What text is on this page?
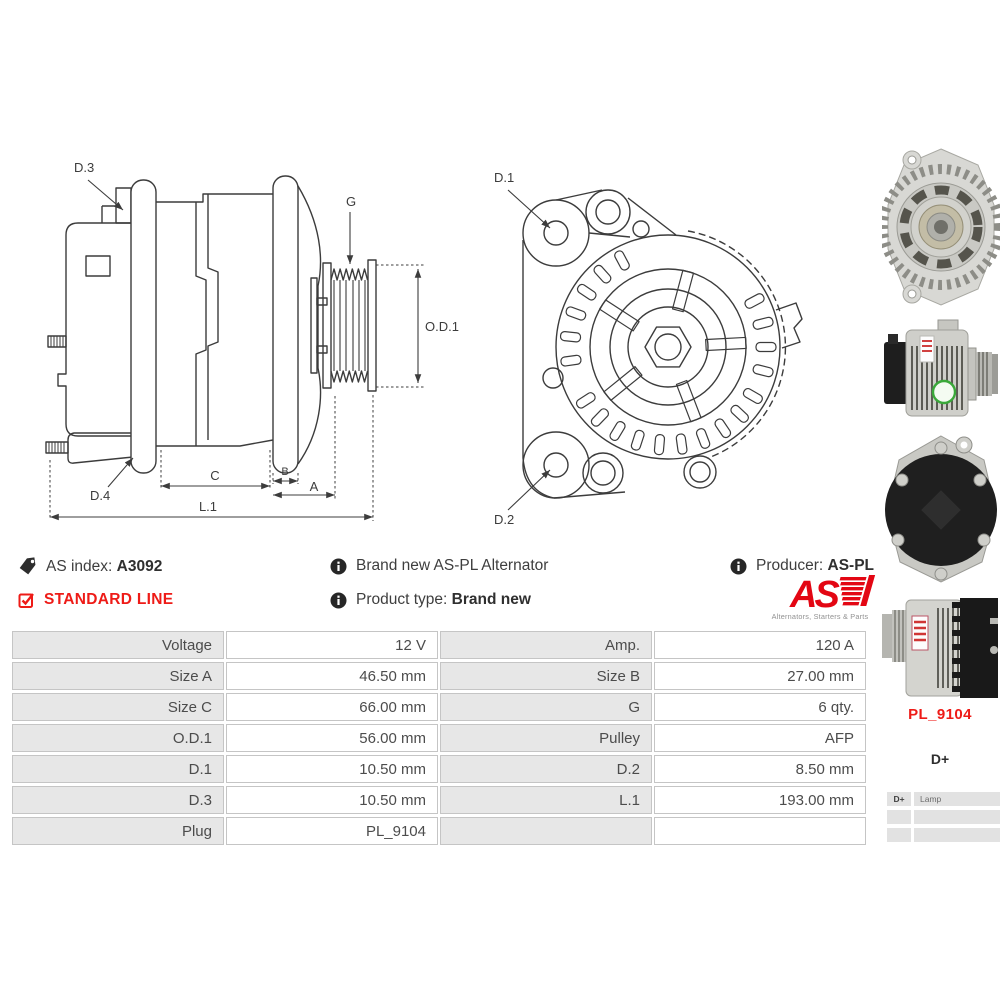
D.3
G
O.D.1
D.4
C	B
A
L.1
D.1
D.2
AS index: A3092	Brand new AS-PL Alternator	Producer: AS-PL
STANDARD LINE	Product type: Brand new	AS
Alternators, Starters & Parts
Voltage	12 V	Amp.	120 A
Size A	46.50 mm	Size B	27.00 mm
Size C	66.00 mm	G	6 qty.
O.D.1	56.00 mm	Pulley	AFP
D.1	10.50 mm	D.2	8.50 mm
D.3	10.50 mm	L.1	193.00 mm
Plug	PL_9104		
PL_9104
D+
D+	Lamp
